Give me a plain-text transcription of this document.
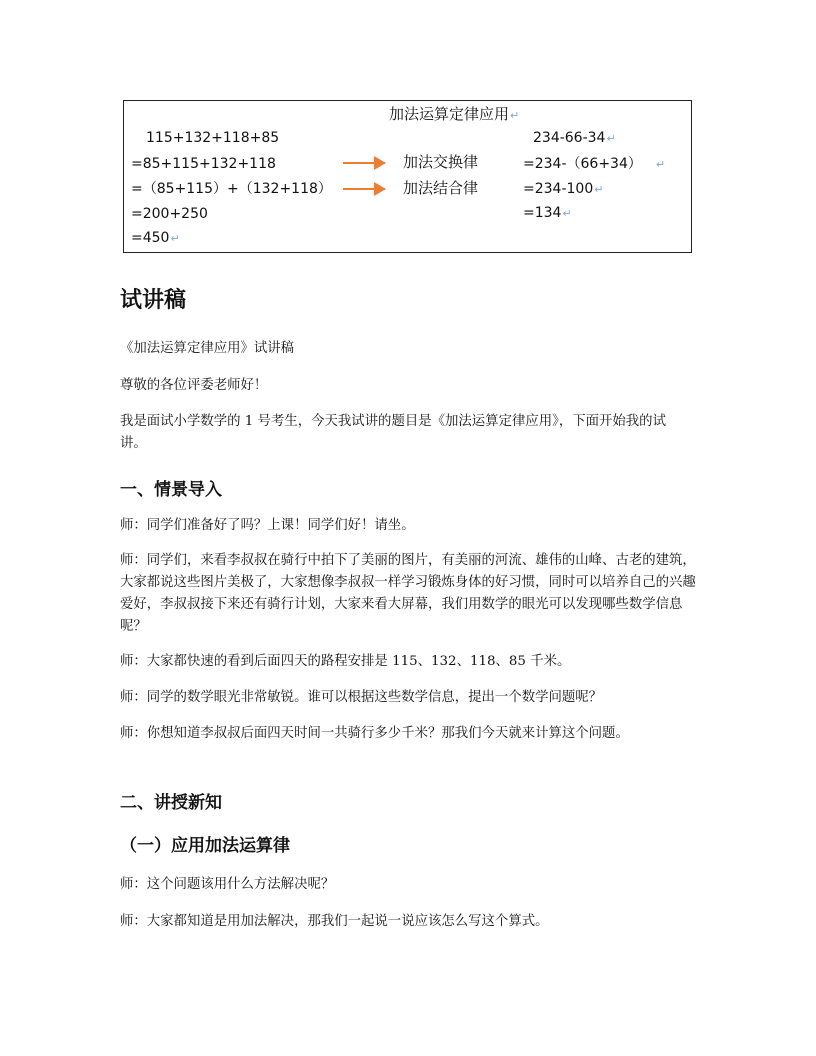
加法运算定律应用↵
115+132+118+85
=85+115+132+118
=（85+115）+（132+118）
=200+250
=450↵
加法交换律
加法结合律
234-66-34↵
=234-（66+34） ↵
=234-100↵
=134↵
试讲稿
《加法运算定律应用》试讲稿
尊敬的各位评委老师好！
我是面试小学数学的 1 号考生，今天我试讲的题目是《加法运算定律应用》，下面开始我的试讲。
一、情景导入
师：同学们准备好了吗？上课！同学们好！请坐。
师：同学们，来看李叔叔在骑行中拍下了美丽的图片，有美丽的河流、雄伟的山峰、古老的建筑，大家都说这些图片美极了，大家想像李叔叔一样学习锻炼身体的好习惯，同时可以培养自己的兴趣爱好，李叔叔接下来还有骑行计划，大家来看大屏幕，我们用数学的眼光可以发现哪些数学信息呢？
师：大家都快速的看到后面四天的路程安排是 115、132、118、85 千米。
师：同学的数学眼光非常敏锐。谁可以根据这些数学信息，提出一个数学问题呢？
师：你想知道李叔叔后面四天时间一共骑行多少千米？那我们今天就来计算这个问题。
二、讲授新知
（一）应用加法运算律
师：这个问题该用什么方法解决呢？
师：大家都知道是用加法解决，那我们一起说一说应该怎么写这个算式。
